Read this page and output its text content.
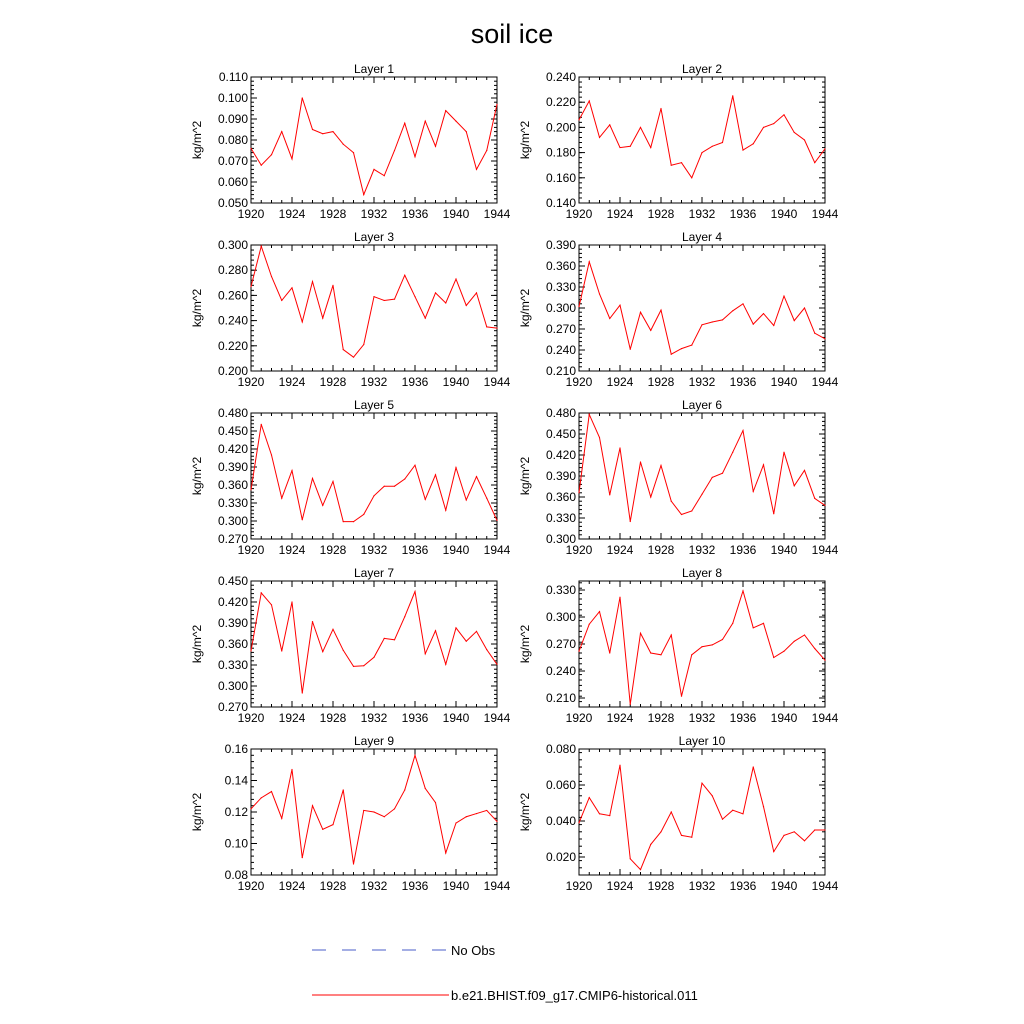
soil ice
1920 1924 1928 1932 1936 1940 1944
0.050
0.060
0.070
0.080
0.090
0.100
0.110
Layer 1
kg/m^2
1920 1924 1928 1932 1936 1940 1944
0.140
0.160
0.180
0.200
0.220
0.240
Layer 2
kg/m^2
1920 1924 1928 1932 1936 1940 1944
0.200
0.220
0.240
0.260
0.280
0.300
Layer 3
kg/m^2
1920 1924 1928 1932 1936 1940 1944
0.210
0.240
0.270
0.300
0.330
0.360
0.390
Layer 4
kg/m^2
1920 1924 1928 1932 1936 1940 1944
0.270
0.300
0.330
0.360
0.390
0.420
0.450
0.480
Layer 5
kg/m^2
1920 1924 1928 1932 1936 1940 1944
0.300
0.330
0.360
0.390
0.420
0.450
0.480
Layer 6
kg/m^2
1920 1924 1928 1932 1936 1940 1944
0.270
0.300
0.330
0.360
0.390
0.420
0.450
Layer 7
kg/m^2
1920 1924 1928 1932 1936 1940 1944
0.210
0.240
0.270
0.300
0.330
Layer 8
kg/m^2
1920 1924 1928 1932 1936 1940 1944
0.08
0.10
0.12
0.14
0.16
Layer 9
kg/m^2
1920 1924 1928 1932 1936 1940 1944
0.020
0.040
0.060
0.080
Layer 10
kg/m^2
No Obs
b.e21.BHIST.f09_g17.CMIP6-historical.011
